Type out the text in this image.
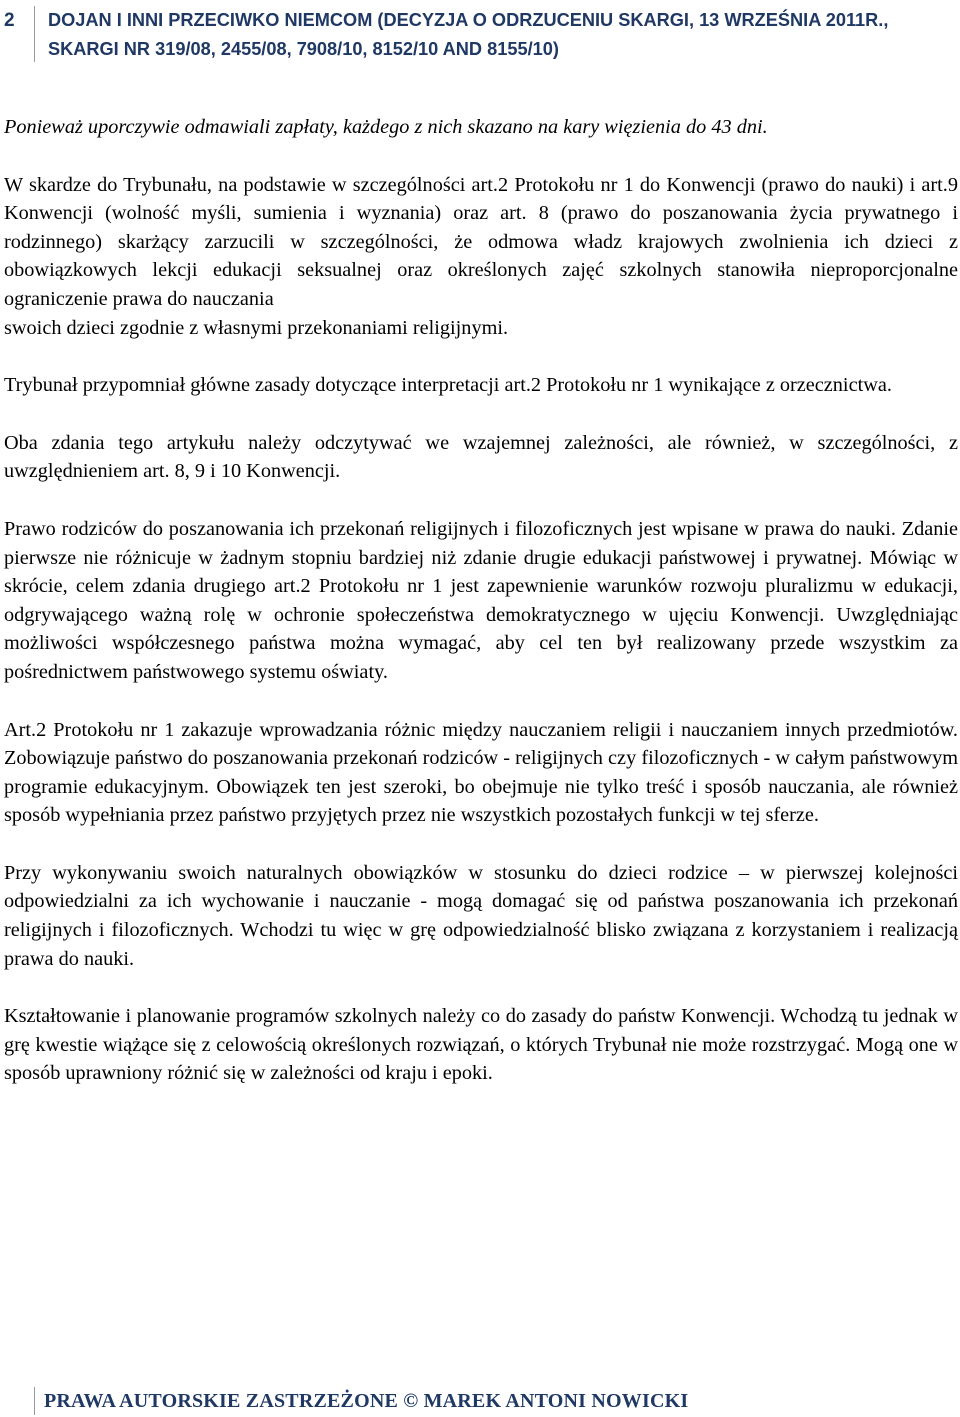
2 DOJAN I INNI PRZECIWKO NIEMCOM (DECYZJA O ODRZUCENIU SKARGI, 13 WRZEŚNIA 2011R., SKARGI NR 319/08, 2455/08, 7908/10, 8152/10 AND 8155/10)

Ponieważ uporczywie odmawiali zapłaty, każdego z nich skazano na kary więzienia do 43 dni.

W skardze do Trybunału, na podstawie w szczególności art.2 Protokołu nr 1 do Konwencji (prawo do nauki) i art.9 Konwencji (wolność myśli, sumienia i wyznania) oraz art. 8 (prawo do poszanowania życia prywatnego i rodzinnego) skarżący zarzucili w szczególności, że odmowa władz krajowych zwolnienia ich dzieci z obowiązkowych lekcji edukacji seksualnej oraz określonych zajęć szkolnych stanowiła nieproporcjonalne ograniczenie prawa do nauczania

swoich dzieci zgodnie z własnymi przekonaniami religijnymi.

Trybunał przypomniał główne zasady dotyczące interpretacji art.2 Protokołu nr 1 wynikające z orzecznictwa.

Oba zdania tego artykułu należy odczytywać we wzajemnej zależności, ale również, w szczególności, z uwzględnieniem art. 8, 9 i 10 Konwencji.

Prawo rodziców do poszanowania ich przekonań religijnych i filozoficznych jest wpisane w prawa do nauki. Zdanie pierwsze nie różnicuje w żadnym stopniu bardziej niż zdanie drugie edukacji państwowej i prywatnej. Mówiąc w skrócie, celem zdania drugiego art.2 Protokołu nr 1 jest zapewnienie warunków rozwoju pluralizmu w edukacji, odgrywającego ważną rolę w ochronie społeczeństwa demokratycznego w ujęciu Konwencji. Uwzględniając możliwości współczesnego państwa można wymagać, aby cel ten był realizowany przede wszystkim za pośrednictwem państwowego systemu oświaty.

Art.2 Protokołu nr 1 zakazuje wprowadzania różnic między nauczaniem religii i nauczaniem innych przedmiotów. Zobowiązuje państwo do poszanowania przekonań rodziców - religijnych czy filozoficznych - w całym państwowym programie edukacyjnym. Obowiązek ten jest szeroki, bo obejmuje nie tylko treść i sposób nauczania, ale również sposób wypełniania przez państwo przyjętych przez nie wszystkich pozostałych funkcji w tej sferze.

Przy wykonywaniu swoich naturalnych obowiązków w stosunku do dzieci rodzice – w pierwszej kolejności odpowiedzialni za ich wychowanie i nauczanie - mogą domagać się od państwa poszanowania ich przekonań religijnych i filozoficznych. Wchodzi tu więc w grę odpowiedzialność blisko związana z korzystaniem i realizacją prawa do nauki.

Kształtowanie i planowanie programów szkolnych należy co do zasady do państw Konwencji. Wchodzą tu jednak w grę kwestie wiążące się z celowością określonych rozwiązań, o których Trybunał nie może rozstrzygać. Mogą one w sposób uprawniony różnić się w zależności od kraju i epoki.

PRAWA AUTORSKIE ZASTRZEŻONE © MAREK ANTONI NOWICKI
